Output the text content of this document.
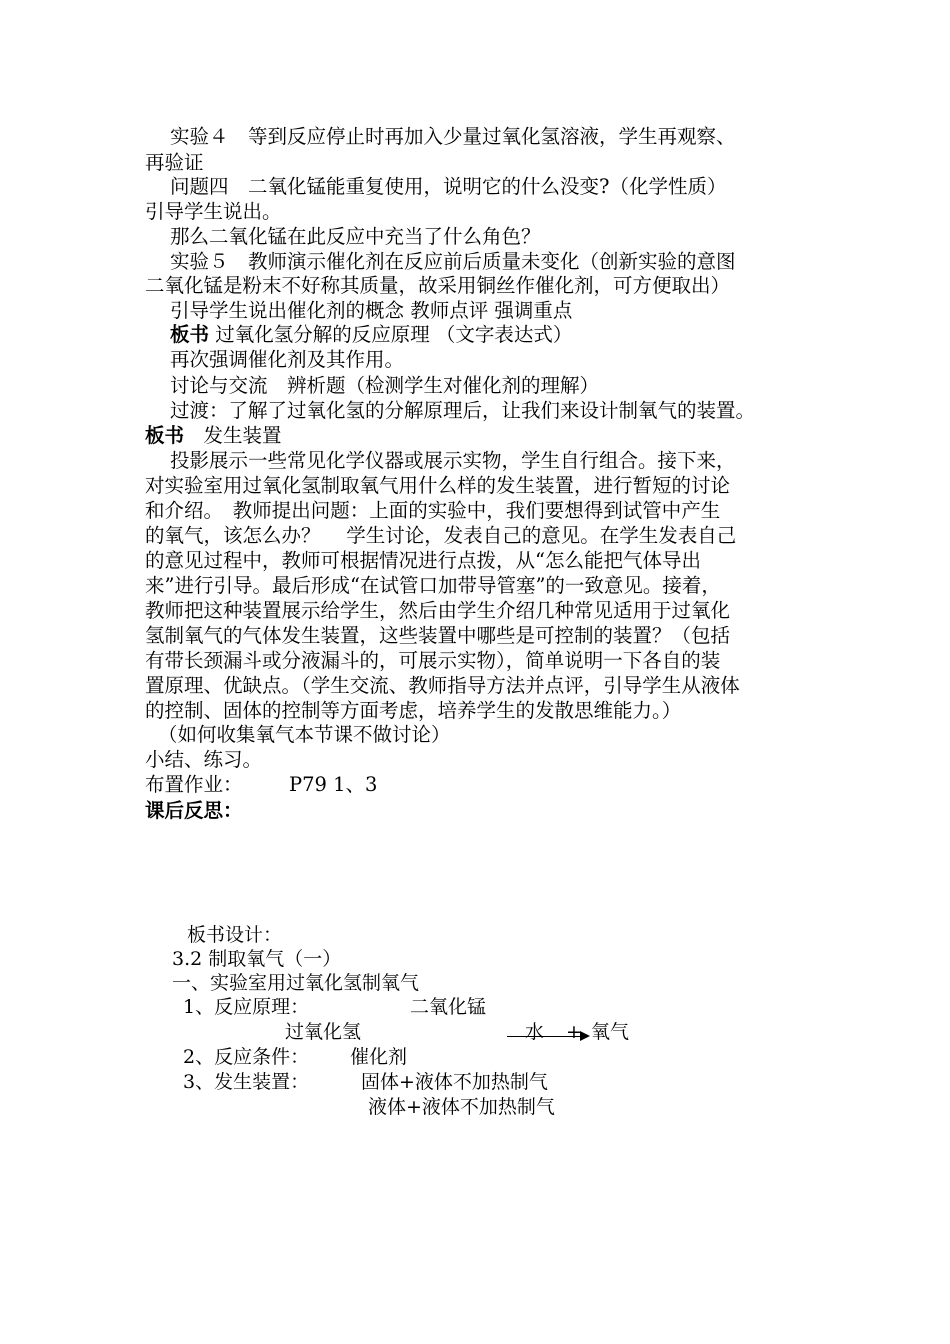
实验４　等到反应停止时再加入少量过氧化氢溶液，学生再观察、
再验证
问题四　二氧化锰能重复使用，说明它的什么没变?（化学性质）
引导学生说出。
那么二氧化锰在此反应中充当了什么角色？
实验５　教师演示催化剂在反应前后质量未变化（创新实验的意图
二氧化锰是粉末不好称其质量，故采用铜丝作催化剂，可方便取出）
引导学生说出催化剂的概念 教师点评 强调重点
板书 过氧化氢分解的反应原理 （文字表达式）
再次强调催化剂及其作用。
讨论与交流　辨析题（检测学生对催化剂的理解）
过渡：了解了过氧化氢的分解原理后，让我们来设计制氧气的装置。
板书　发生装置
投影展示一些常见化学仪器或展示实物，学生自行组合。接下来，
对实验室用过氧化氢制取氧气用什么样的发生装置，进行暂短的讨论
和介绍。　教师提出问题：上面的实验中，我们要想得到试管中产生
的氧气，该怎么办？　 学生讨论，发表自己的意见。在学生发表自己
的意见过程中，教师可根据情况进行点拨，从“怎么能把气体导出
来”进行引导。最后形成“在试管口加带导管塞”的一致意见。接着，
教师把这种装置展示给学生，然后由学生介绍几种常见适用于过氧化
氢制氧气的气体发生装置，这些装置中哪些是可控制的装置？（包括
有带长颈漏斗或分液漏斗的，可展示实物），简单说明一下各自的装
置原理、优缺点。（学生交流、教师指导方法并点评，引导学生从液体
的控制、固体的控制等方面考虑，培养学生的发散思维能力。）
（如何收集氧气本节课不做讨论）
小结、练习。
布置作业： P79 1、3
课后反思：
板书设计：
3.2 制取氧气（一）
一、实验室用过氧化氢制氧气
1、反应原理：	二氧化锰
过氧化氢	水 + 氧气
2、反应条件： 催化剂
3、发生装置：	固体+液体不加热制气
液体+液体不加热制气
